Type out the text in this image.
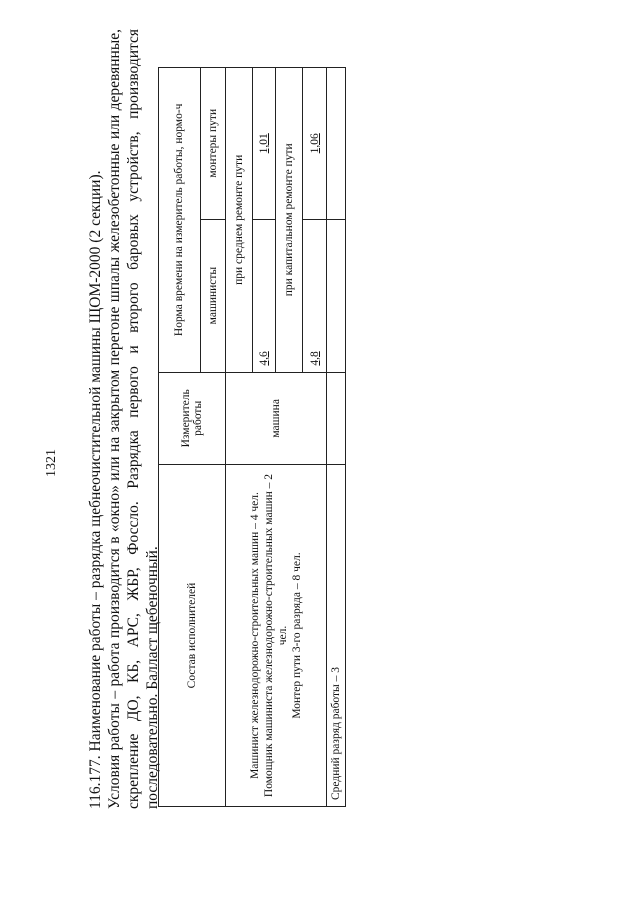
1321 116.177. Наименование работы – разрядка щебнеочистительной машины ЩОМ-2000 (2 секции). Условия работы – работа производится в «окно» или на закрытом перегоне шпалы железобетонные или деревянные, скрепление ДО, КБ, АРС, ЖБР, Фоссло. Разрядка первого и второго баровых устройств, производится последовательно. Балласт щебеночный. Состав исполнителей	Измеритель работы	Норма времени на измеритель работы, нормо-ч	
		машинисты	монтеры пути

Машинист железнодорожно-строительных машин – 4 чел. Помощник машиниста железнодорожно-строительных машин – 2 чел. Монтер пути 3-го разряда – 8 чел.	машина	при среднем ремонте пути	
		4,6	1,01
		при капитальном ремонте пути	
		4,8	1,06
Средний разряд работы – 3			
